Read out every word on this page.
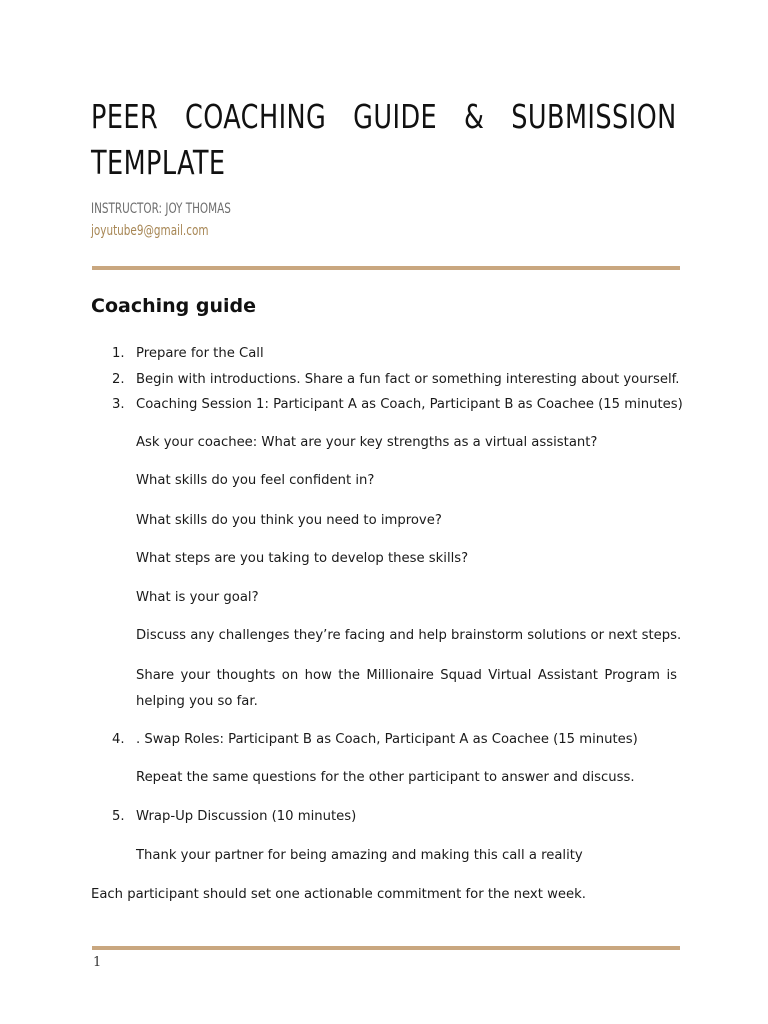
PEER COACHING GUIDE & SUBMISSION TEMPLATE

INSTRUCTOR: JOY THOMAS

joyutube9@gmail.com

Coaching guide
1. Prepare for the Call
2. Begin with introductions. Share a fun fact or something interesting about yourself.
3. Coaching Session 1: Participant A as Coach, Participant B as Coachee (15 minutes)
Ask your coachee: What are your key strengths as a virtual assistant?
What skills do you feel confident in?
What skills do you think you need to improve?
What steps are you taking to develop these skills?
What is your goal?
Discuss any challenges they’re facing and help brainstorm solutions or next steps.

Share your thoughts on how the Millionaire Squad Virtual Assistant Program is helping you so far.

4. . Swap Roles: Participant B as Coach, Participant A as Coachee (15 minutes)
Repeat the same questions for the other participant to answer and discuss.
5. Wrap-Up Discussion (10 minutes)
Thank your partner for being amazing and making this call a reality
Each participant should set one actionable commitment for the next week.
1
